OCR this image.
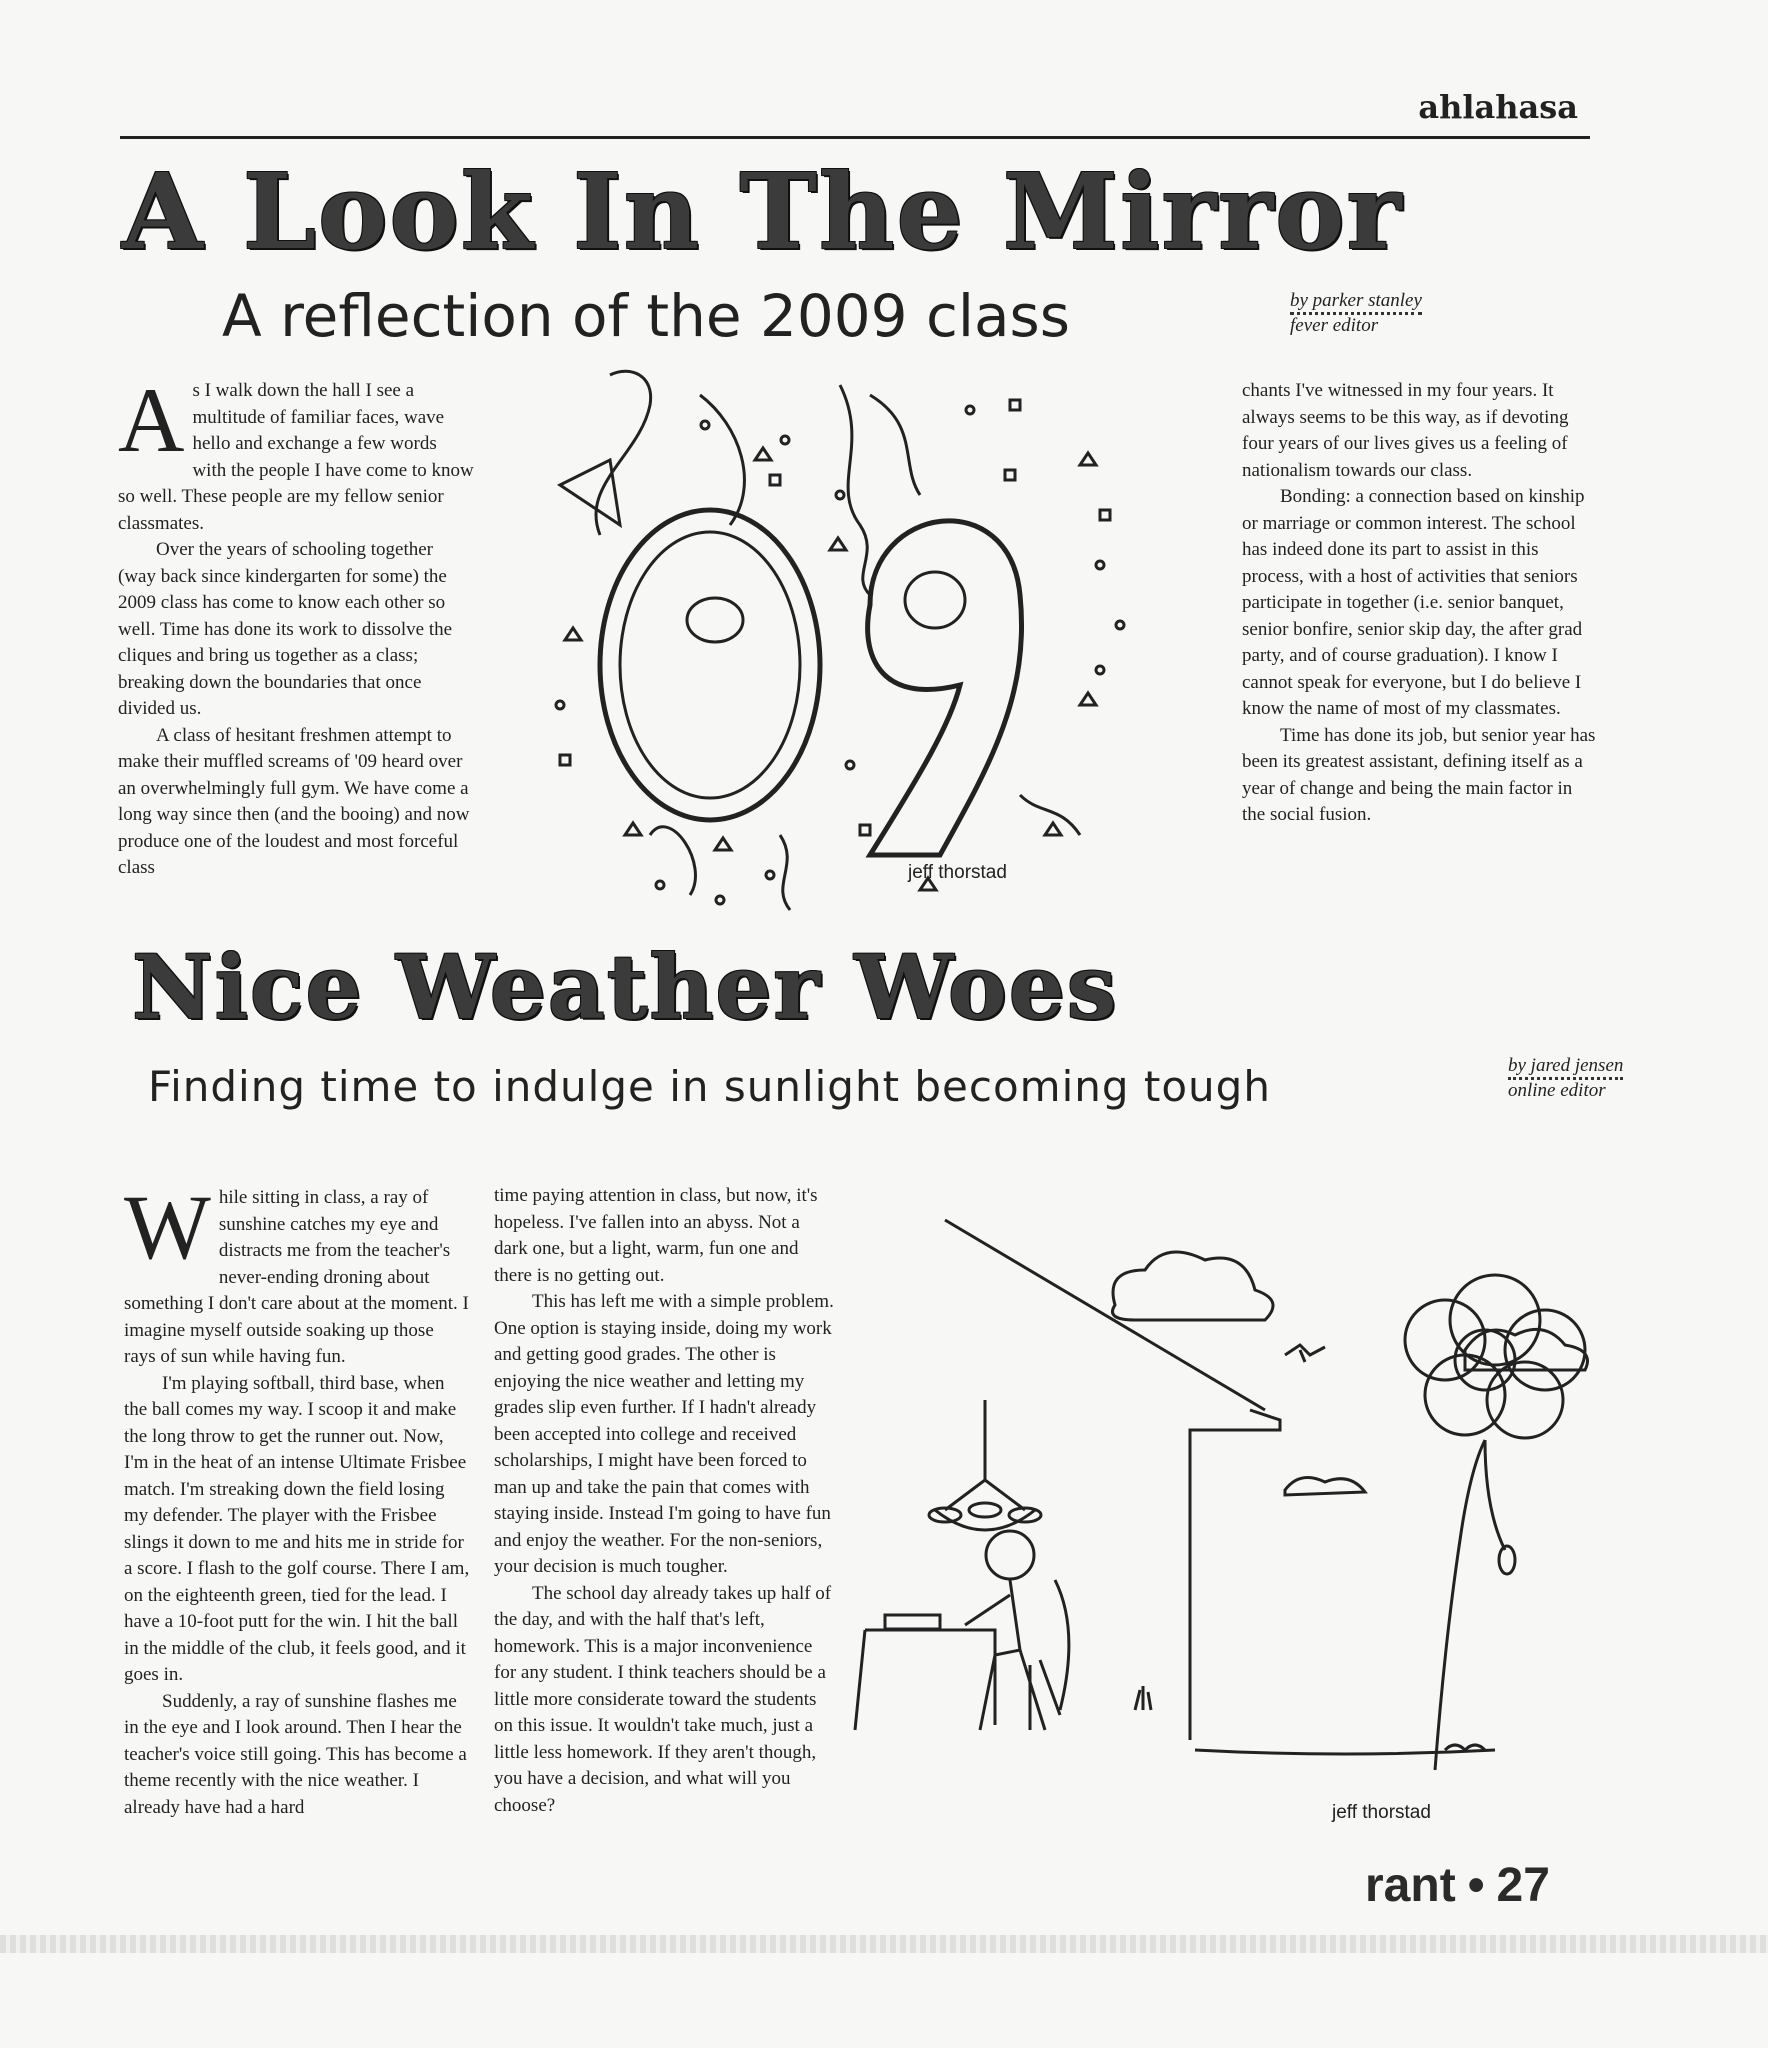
ahlahasa
A Look In The Mirror
A reflection of the 2009 class	by parker stanley
fever editor

As I walk down the hall I see a multitude of familiar faces, wave hello and exchange a few words with the people I have come to know so well. These people are my fellow senior classmates.

Over the years of schooling together (way back since kindergarten for some) the 2009 class has come to know each other so well. Time has done its work to dissolve the cliques and bring us together as a class; breaking down the boundaries that once divided us.

A class of hesitant freshmen attempt to make their muffled screams of '09 heard over an overwhelmingly full gym. We have come a long way since then (and the booing) and now produce one of the loudest and most forceful class	jeff thorstad

chants I've witnessed in my four years. It always seems to be this way, as if devoting four years of our lives gives us a feeling of nationalism towards our class.

Bonding: a connection based on kinship or marriage or common interest. The school has indeed done its part to assist in this process, with a host of activities that seniors participate in together (i.e. senior banquet, senior bonfire, senior skip day, the after grad party, and of course graduation). I know I cannot speak for everyone, but I do believe I know the name of most of my classmates.

Time has done its job, but senior year has been its greatest assistant, defining itself as a year of change and being the main factor in the social fusion.

Nice Weather Woes
Finding time to indulge in sunlight becoming tough	by jared jensen
online editor

While sitting in class, a ray of sunshine catches my eye and distracts me from the teacher's never-ending droning about something I don't care about at the moment. I imagine myself outside soaking up those rays of sun while having fun.

I'm playing softball, third base, when the ball comes my way. I scoop it and make the long throw to get the runner out. Now, I'm in the heat of an intense Ultimate Frisbee match. I'm streaking down the field losing my defender. The player with the Frisbee slings it down to me and hits me in stride for a score. I flash to the golf course. There I am, on the eighteenth green, tied for the lead. I have a 10-foot putt for the win. I hit the ball in the middle of the club, it feels good, and it goes in.

Suddenly, a ray of sunshine flashes me in the eye and I look around. Then I hear the teacher's voice still going. This has become a theme recently with the nice weather. I already have had a hard

time paying attention in class, but now, it's hopeless. I've fallen into an abyss. Not a dark one, but a light, warm, fun one and there is no getting out.

This has left me with a simple problem. One option is staying inside, doing my work and getting good grades. The other is enjoying the nice weather and letting my grades slip even further. If I hadn't already been accepted into college and received scholarships, I might have been forced to man up and take the pain that comes with staying inside. Instead I'm going to have fun and enjoy the weather. For the non-seniors, your decision is much tougher.

The school day already takes up half of the day, and with the half that's left, homework. This is a major inconvenience for any student. I think teachers should be a little more considerate toward the students on this issue. It wouldn't take much, just a little less homework. If they aren't though, you have a decision, and what will you choose?	jeff thorstad
rant • 27
